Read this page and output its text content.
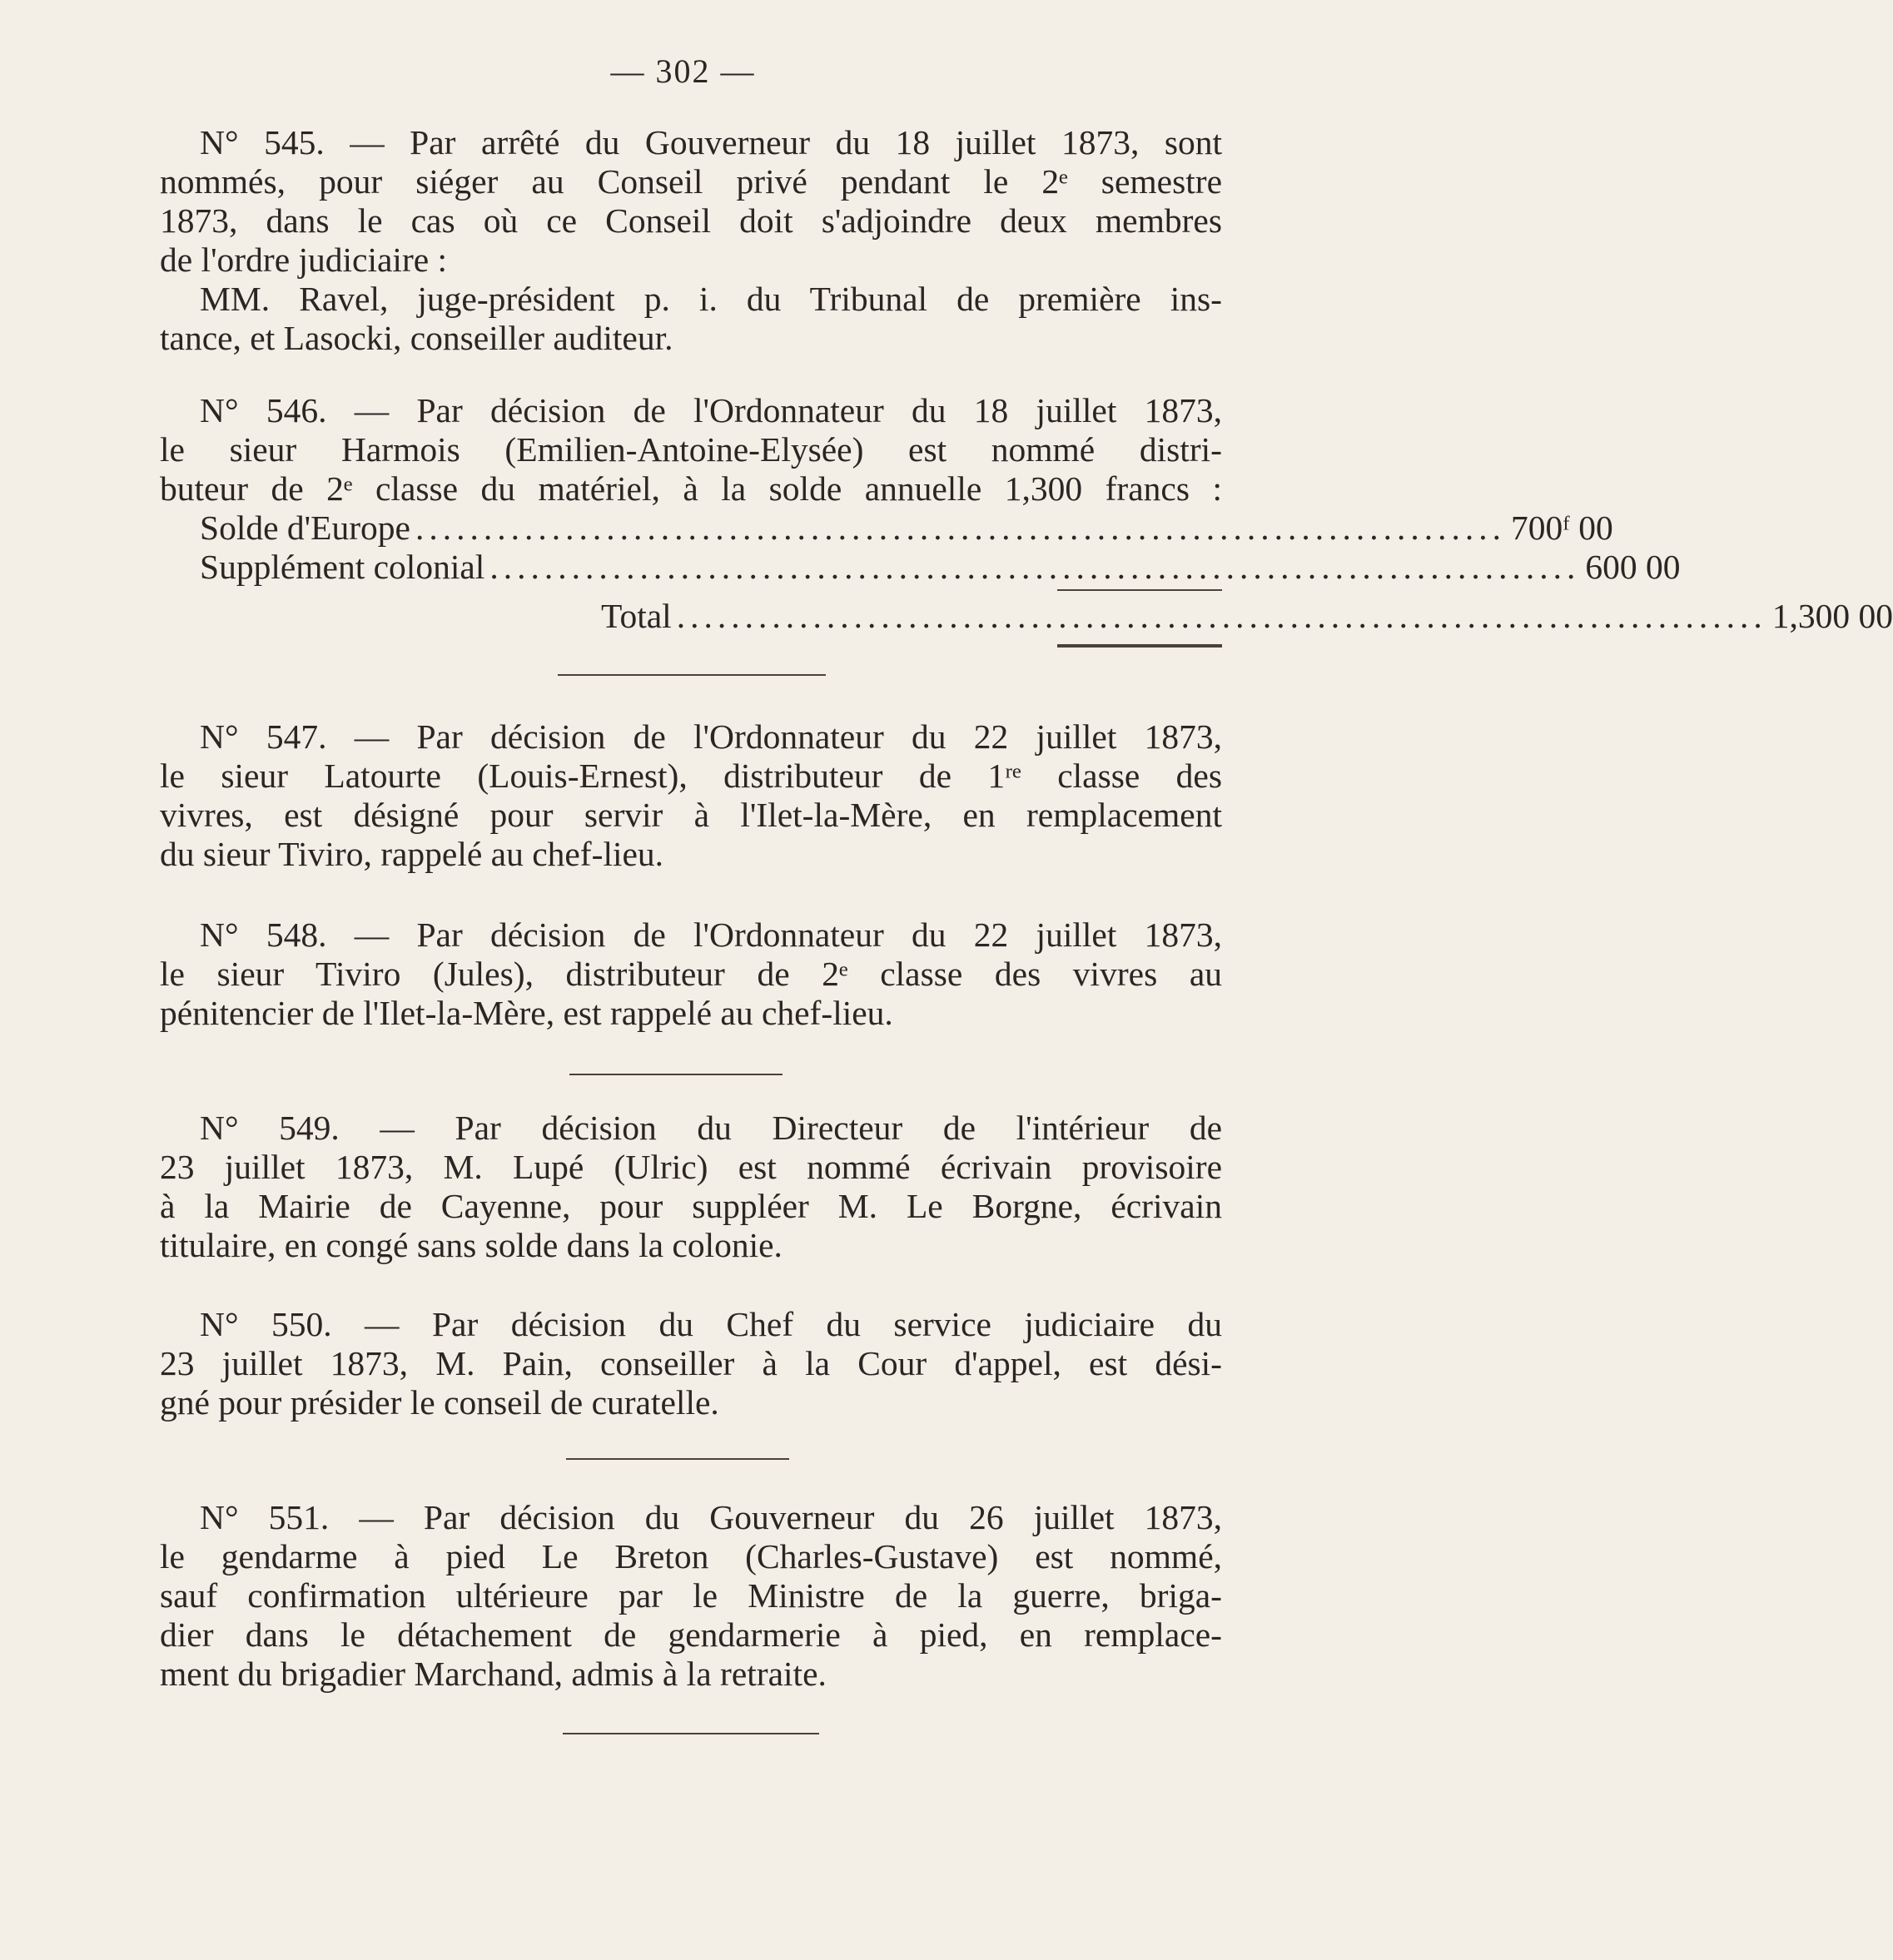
— 302 —

N° 545. — Par arrêté du Gouverneur du 18 juillet 1873, sont
nommés, pour siéger au Conseil privé pendant le 2ᵉ semestre
1873, dans le cas où ce Conseil doit s'adjoindre deux membres
de l'ordre judiciaire :
MM. Ravel, juge-président p. i. du Tribunal de première ins-
tance, et Lasocki, conseiller auditeur.

N° 546. — Par décision de l'Ordonnateur du 18 juillet 1873,
le sieur Harmois (Emilien-Antoine-Elysée) est nommé distri-
buteur de 2ᵉ classe du matériel, à la solde annuelle 1,300 francs :

Solde d'Europe ................................................................................ 700ᶠ 00
Supplément colonial ................................................................................ 600 00
Total ................................................................................ 1,300 00

N° 547. — Par décision de l'Ordonnateur du 22 juillet 1873,
le sieur Latourte (Louis-Ernest), distributeur de 1ʳᵉ classe des
vivres, est désigné pour servir à l'Ilet-la-Mère, en remplacement
du sieur Tiviro, rappelé au chef-lieu.

N° 548. — Par décision de l'Ordonnateur du 22 juillet 1873,
le sieur Tiviro (Jules), distributeur de 2ᵉ classe des vivres au
pénitencier de l'Ilet-la-Mère, est rappelé au chef-lieu.

N° 549. — Par décision du Directeur de l'intérieur de
23 juillet 1873, M. Lupé (Ulric) est nommé écrivain provisoire
à la Mairie de Cayenne, pour suppléer M. Le Borgne, écrivain
titulaire, en congé sans solde dans la colonie.

N° 550. — Par décision du Chef du service judiciaire du
23 juillet 1873, M. Pain, conseiller à la Cour d'appel, est dési-
gné pour présider le conseil de curatelle.

N° 551. — Par décision du Gouverneur du 26 juillet 1873,
le gendarme à pied Le Breton (Charles-Gustave) est nommé,
sauf confirmation ultérieure par le Ministre de la guerre, briga-
dier dans le détachement de gendarmerie à pied, en remplace-
ment du brigadier Marchand, admis à la retraite.
